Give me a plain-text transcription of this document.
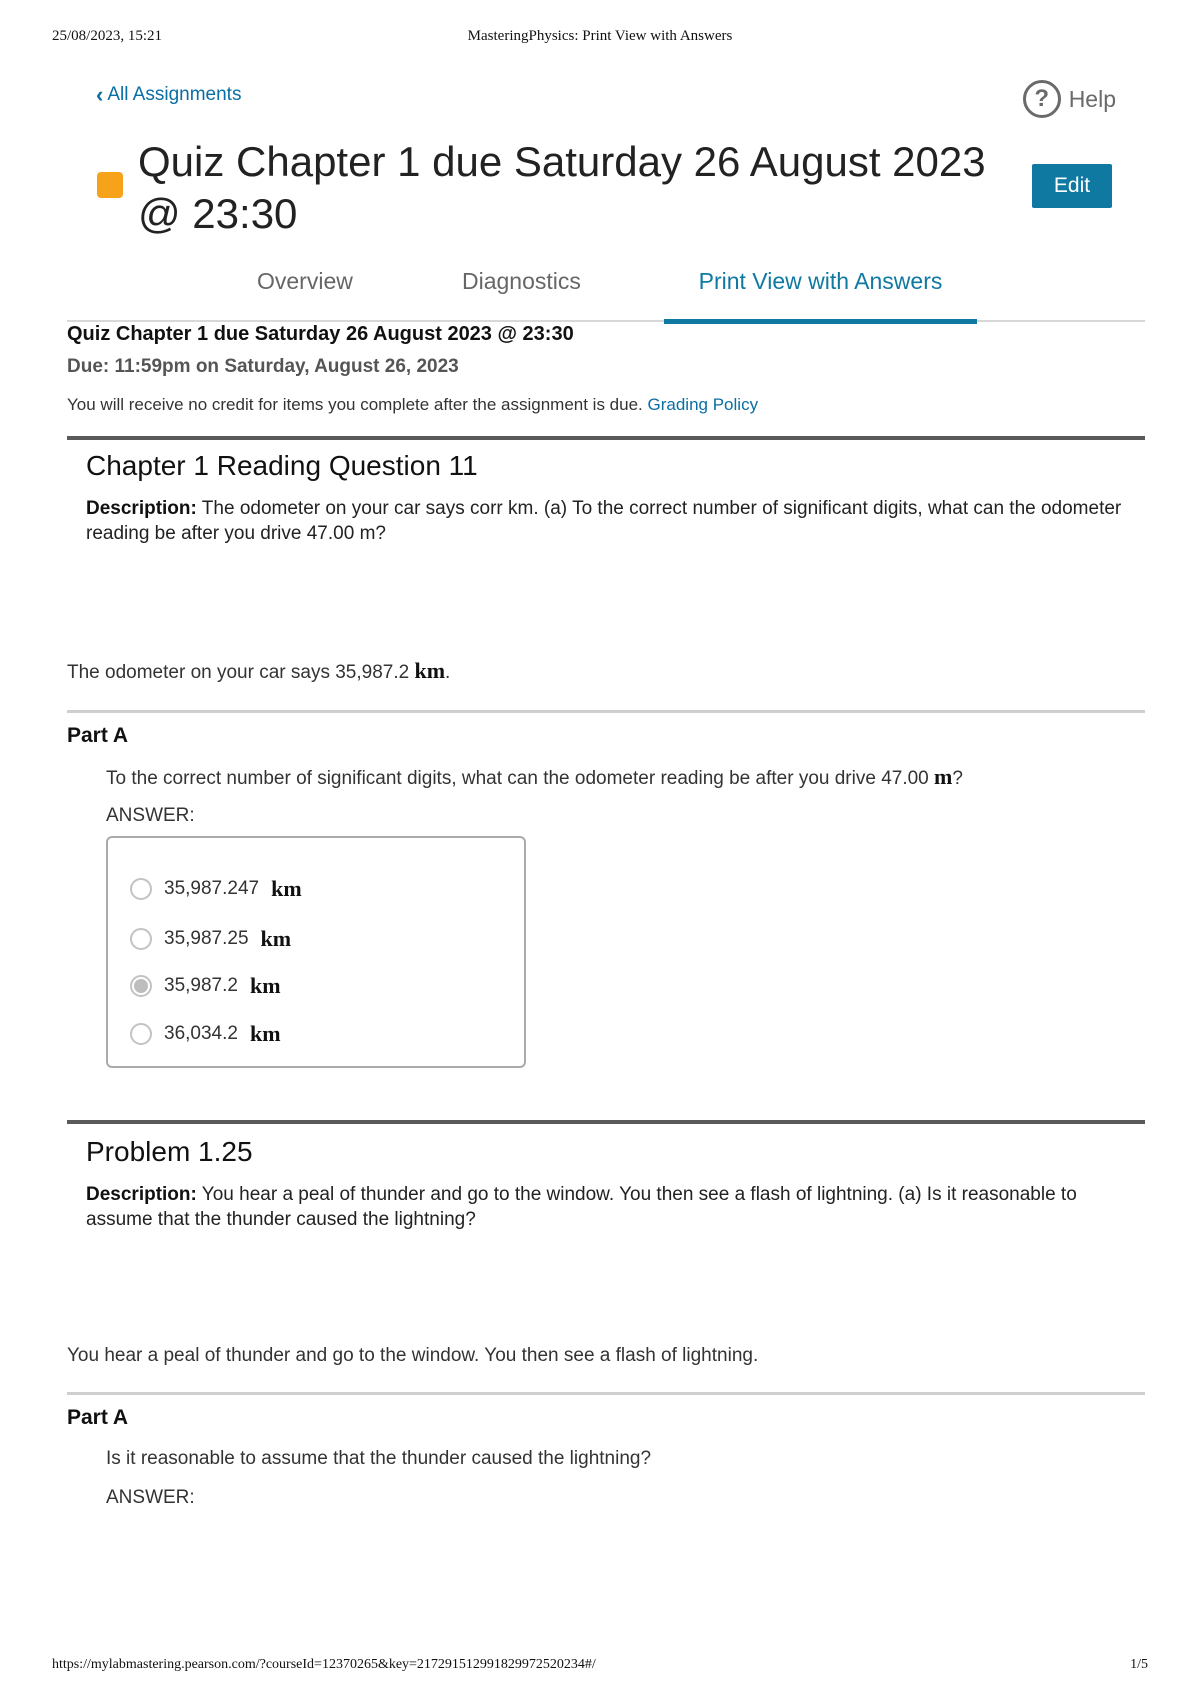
25/08/2023, 15:21	MasteringPhysics: Print View with Answers
‹ All Assignments	? Help
Quiz Chapter 1 due Saturday 26 August 2023 @ 23:30
Edit
Overview	Diagnostics	Print View with Answers
Quiz Chapter 1 due Saturday 26 August 2023 @ 23:30
Due: 11:59pm on Saturday, August 26, 2023
You will receive no credit for items you complete after the assignment is due. Grading Policy
Chapter 1 Reading Question 11
Description: The odometer on your car says corr km. (a) To the correct number of significant digits, what can the odometer reading be after you drive 47.00 m?
The odometer on your car says 35,987.2 km.
Part A
To the correct number of significant digits, what can the odometer reading be after you drive 47.00 m?
ANSWER:
35,987.247 km
35,987.25 km
35,987.2 km
36,034.2 km
Problem 1.25
Description: You hear a peal of thunder and go to the window. You then see a flash of lightning. (a) Is it reasonable to assume that the thunder caused the lightning?
You hear a peal of thunder and go to the window. You then see a flash of lightning.
Part A
Is it reasonable to assume that the thunder caused the lightning?
ANSWER:
https://mylabmastering.pearson.com/?courseId=12370265&key=217291512991829972520234#/	1/5
